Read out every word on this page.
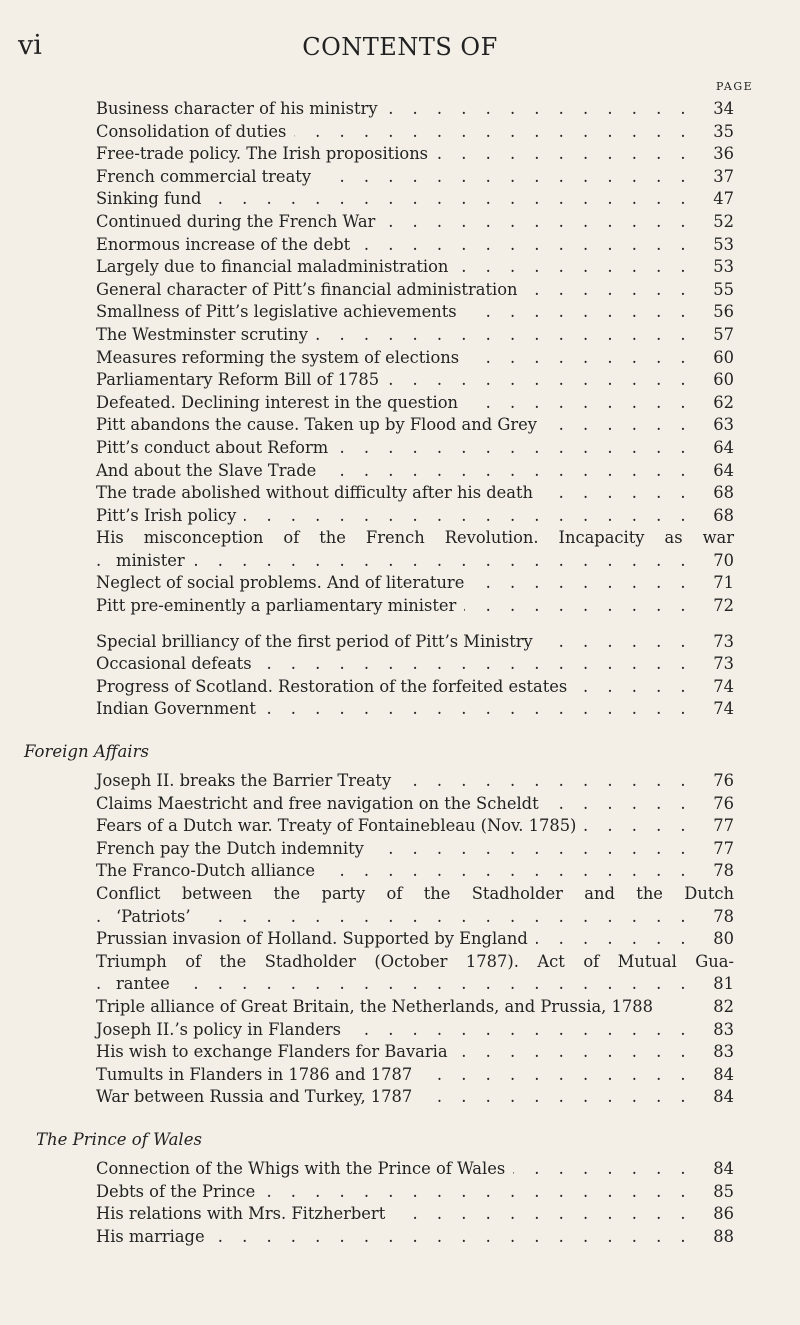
vi	CONTENTS OF
PAGE
. . .
Business character of his ministry	34
. . .
Consolidation of duties	35
. . .
Free-trade policy. The Irish propositions	36
. . .
French commercial treaty	37
. . .
Sinking fund	47
. . .
Continued during the French War	52
. . .
Enormous increase of the debt	53
. . .
Largely due to financial maladministration	53
. . .
General character of Pitt’s financial administration	55
. . .
Smallness of Pitt’s legislative achievements	56
. . .
The Westminster scrutiny	57
. . .
Measures reforming the system of elections	60
. . .
Parliamentary Reform Bill of 1785	60
. . .
Defeated. Declining interest in the question	62
. . .
Pitt abandons the cause. Taken up by Flood and Grey	63
. . .
Pitt’s conduct about Reform	64
. . .
And about the Slave Trade	64
. . .
The trade abolished without difficulty after his death	68
. . .
Pitt’s Irish policy	68
His misconception of the French Revolution. Incapacity as war
. . .
minister	70
. . .
Neglect of social problems. And of literature	71
. . .
Pitt pre-eminently a parliamentary minister	72
. . .
Special brilliancy of the first period of Pitt’s Ministry	73
. . .
Occasional defeats	73
. . .
Progress of Scotland. Restoration of the forfeited estates	74
. . .
Indian Government	74
Foreign Affairs
. . .
Joseph II. breaks the Barrier Treaty	76
. . .
Claims Maestricht and free navigation on the Scheldt	76
. . .
Fears of a Dutch war. Treaty of Fontainebleau (Nov. 1785)	77
. . .
French pay the Dutch indemnity	77
. . .
The Franco-Dutch alliance	78
Conflict between the party of the Stadholder and the Dutch
. . .
‘Patriots’	78
. . .
Prussian invasion of Holland. Supported by England	80
Triumph of the Stadholder (October 1787). Act of Mutual Gua-
. . .
rantee	81
Triple alliance of Great Britain, the Netherlands, and Prussia, 1788	82
. . .
Joseph II.’s policy in Flanders	83
. . .
His wish to exchange Flanders for Bavaria	83
. . .
Tumults in Flanders in 1786 and 1787	84
. . .
War between Russia and Turkey, 1787	84
The Prince of Wales
. . .
Connection of the Whigs with the Prince of Wales	84
. . .
Debts of the Prince	85
. . .
His relations with Mrs. Fitzherbert	86
. . .
His marriage	88
